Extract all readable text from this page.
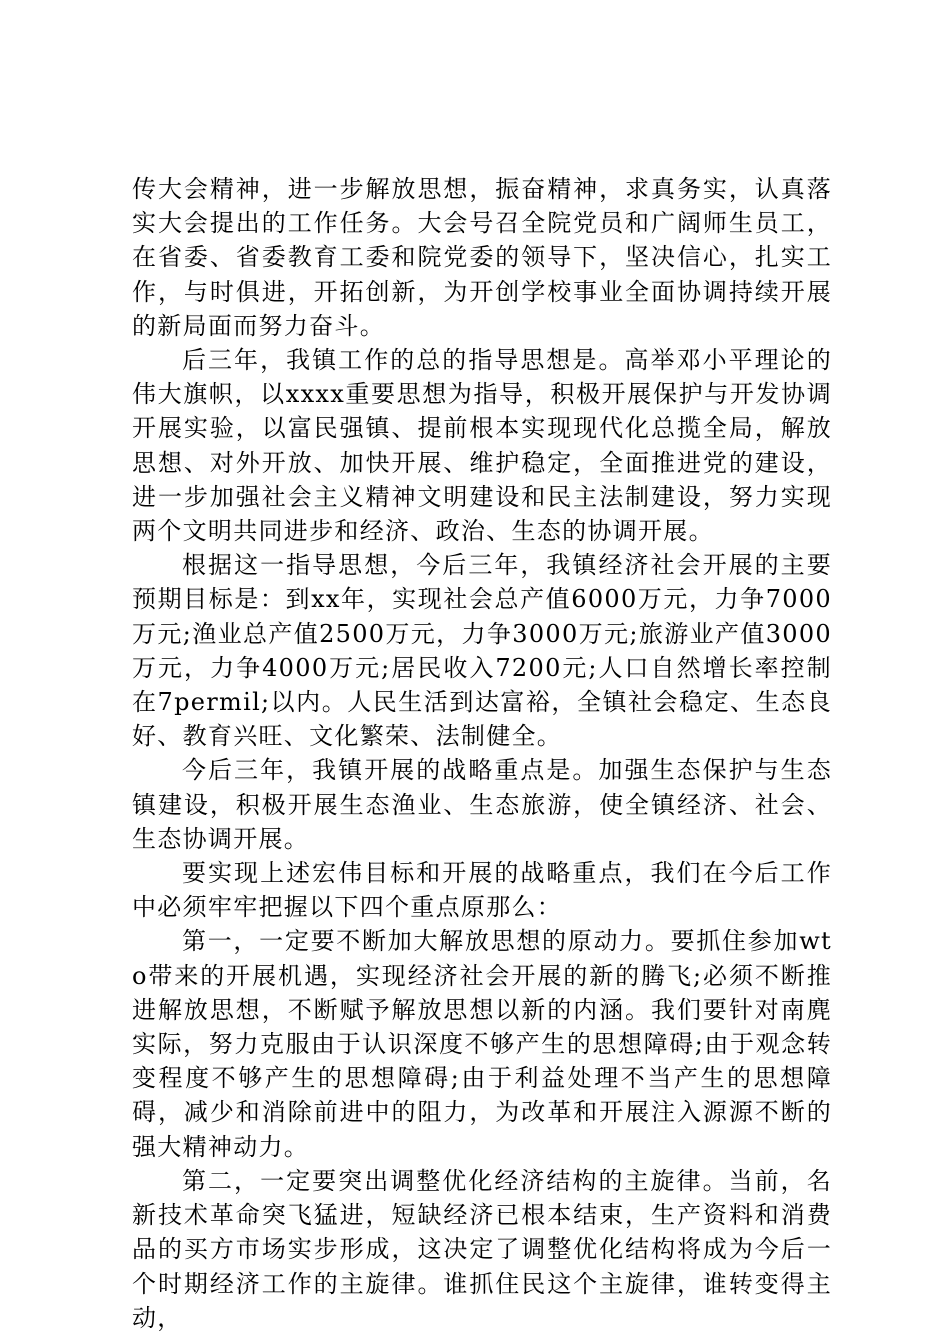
传大会精神，进一步解放思想，振奋精神，求真务实，认真落实大会提出的工作任务。大会号召全院党员和广阔师生员工，在省委、省委教育工委和院党委的领导下，坚决信心，扎实工作，与时俱进，开拓创新，为开创学校事业全面协调持续开展的新局面而努力奋斗。

后三年，我镇工作的总的指导思想是。高举邓小平理论的伟大旗帜，以xxxx重要思想为指导，积极开展保护与开发协调开展实验，以富民强镇、提前根本实现现代化总揽全局，解放思想、对外开放、加快开展、维护稳定，全面推进党的建设，进一步加强社会主义精神文明建设和民主法制建设，努力实现两个文明共同进步和经济、政治、生态的协调开展。

根据这一指导思想，今后三年，我镇经济社会开展的主要预期目标是：到xx年，实现社会总产值6000万元，力争7000万元;渔业总产值2500万元，力争3000万元;旅游业产值3000万元，力争4000万元;居民收入7200元;人口自然增长率控制在7permil;以内。人民生活到达富裕，全镇社会稳定、生态良好、教育兴旺、文化繁荣、法制健全。

今后三年，我镇开展的战略重点是。加强生态保护与生态镇建设，积极开展生态渔业、生态旅游，使全镇经济、社会、生态协调开展。

要实现上述宏伟目标和开展的战略重点，我们在今后工作中必须牢牢把握以下四个重点原那么：

第一，一定要不断加大解放思想的原动力。要抓住参加wto带来的开展机遇，实现经济社会开展的新的腾飞;必须不断推进解放思想，不断赋予解放思想以新的内涵。我们要针对南麂实际，努力克服由于认识深度不够产生的思想障碍;由于观念转变程度不够产生的思想障碍;由于利益处理不当产生的思想障碍，减少和消除前进中的阻力，为改革和开展注入源源不断的强大精神动力。

第二，一定要突出调整优化经济结构的主旋律。当前，名新技术革命突飞猛进，短缺经济已根本结束，生产资料和消费品的买方市场实步形成，这决定了调整优化结构将成为今后一个时期经济工作的主旋律。谁抓住民这个主旋律，谁转变得主动，
